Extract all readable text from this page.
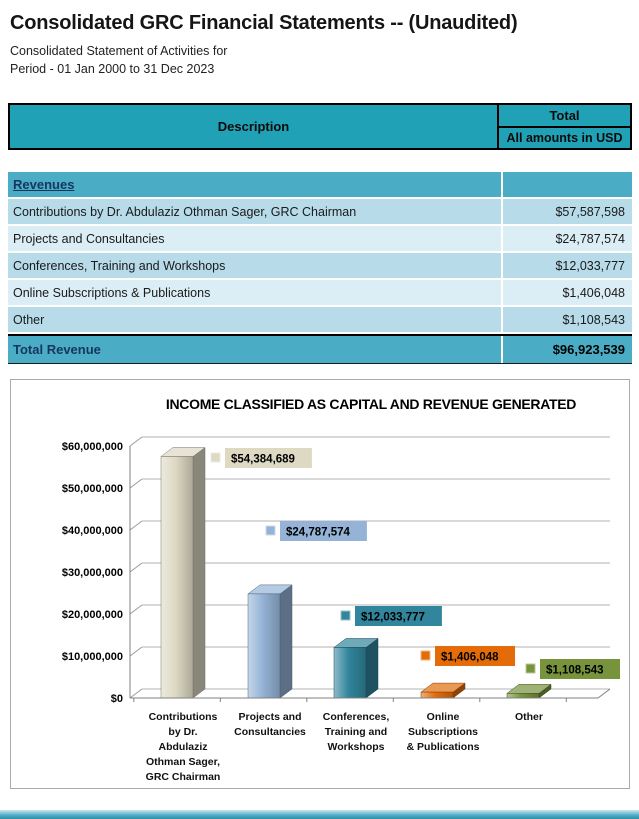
Consolidated GRC Financial Statements -- (Unaudited)
Consolidated Statement of Activities for
Period - 01 Jan 2000 to 31 Dec 2023
Description
Total
All amounts in USD
Revenues
Contributions by Dr. Abdulaziz Othman Sager, GRC Chairman	$57,587,598
Projects and Consultancies	$24,787,574
Conferences, Training and Workshops	$12,033,777
Online Subscriptions & Publications	$1,406,048
Other	$1,108,543
Total Revenue	$96,923,539
INCOME CLASSIFIED AS CAPITAL AND REVENUE GENERATED
$0
$10,000,000
$20,000,000
$30,000,000
$40,000,000
$50,000,000
$60,000,000
$54,384,689
$24,787,574
$12,033,777
$1,406,048
$1,108,543
Contributions by Dr. Abdulaziz Othman Sager, GRC Chairman
Projects and Consultancies
Conferences, Training and Workshops
Online Subscriptions & Publications
Other
